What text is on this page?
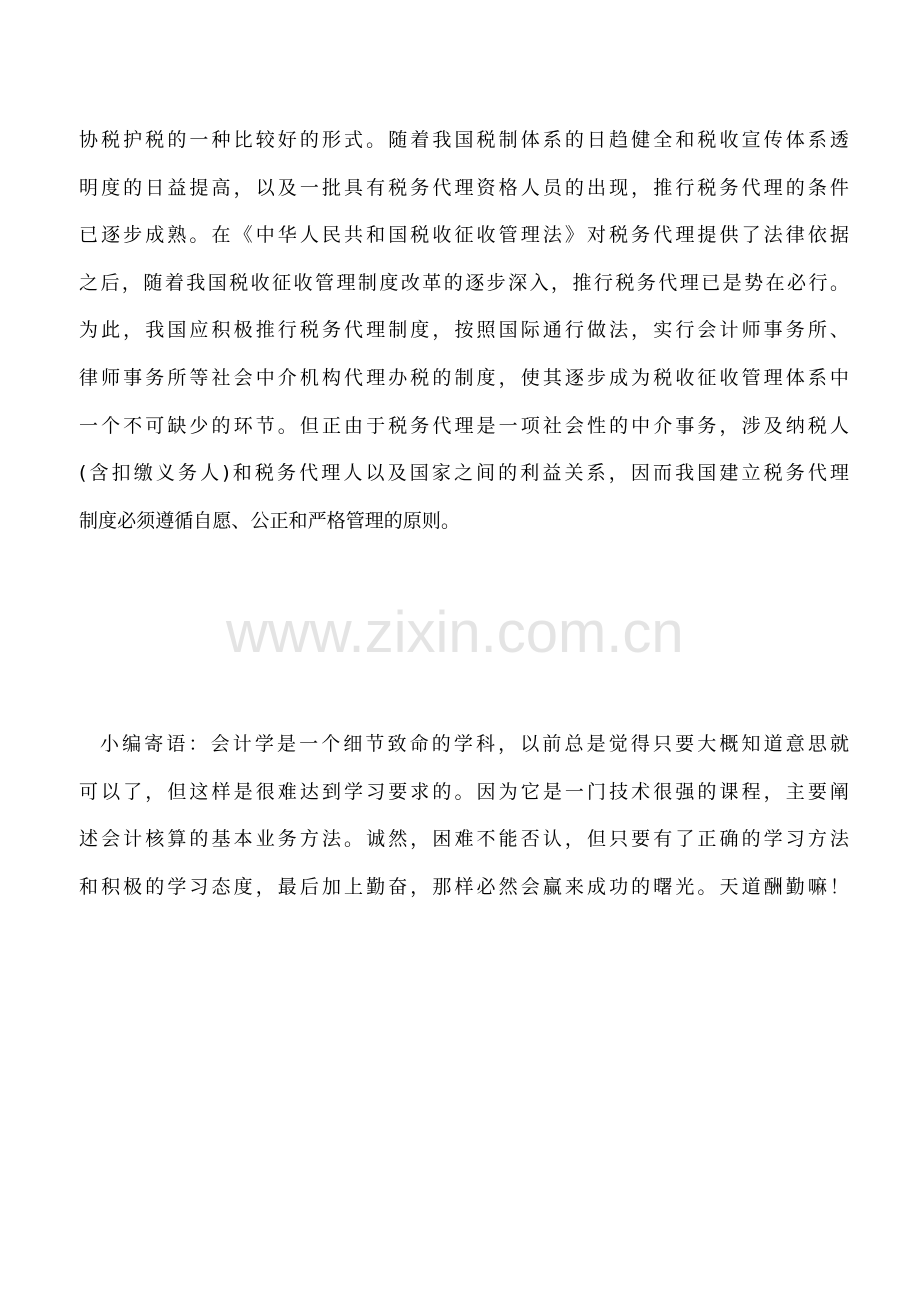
www.zixin.com.cn
协税护税的一种比较好的形式。随着我国税制体系的日趋健全和税收宣传体系透
明度的日益提高，以及一批具有税务代理资格人员的出现，推行税务代理的条件
已逐步成熟。在《中华人民共和国税收征收管理法》对税务代理提供了法律依据
之后，随着我国税收征收管理制度改革的逐步深入，推行税务代理已是势在必行。
为此，我国应积极推行税务代理制度，按照国际通行做法，实行会计师事务所、
律师事务所等社会中介机构代理办税的制度，使其逐步成为税收征收管理体系中
一个不可缺少的环节。但正由于税务代理是一项社会性的中介事务，涉及纳税人
(含扣缴义务人)和税务代理人以及国家之间的利益关系，因而我国建立税务代理
制度必须遵循自愿、公正和严格管理的原则。
小编寄语：会计学是一个细节致命的学科，以前总是觉得只要大概知道意思就
可以了，但这样是很难达到学习要求的。因为它是一门技术很强的课程，主要阐
述会计核算的基本业务方法。诚然，困难不能否认，但只要有了正确的学习方法
和积极的学习态度，最后加上勤奋，那样必然会赢来成功的曙光。天道酬勤嘛！
